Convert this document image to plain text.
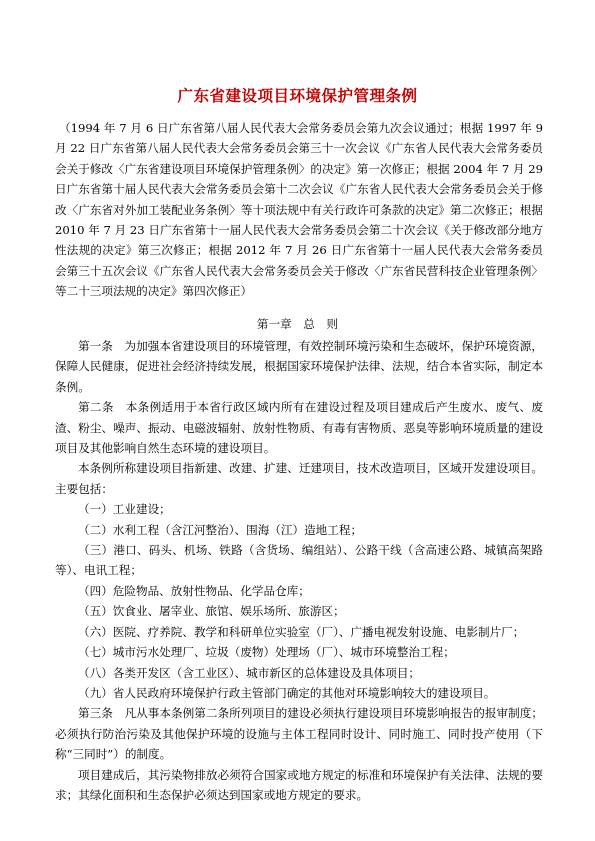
广东省建设项目环境保护管理条例
（1994 年 7 月 6 日广东省第八届人民代表大会常务委员会第九次会议通过；根据 1997 年 9 月 22 日广东省第八届人民代表大会常务委员会第三十一次会议《广东省人民代表大会常务委员会关于修改〈广东省建设项目环境保护管理条例〉的决定》第一次修正；根据 2004 年 7 月 29 日广东省第十届人民代表大会常务委员会第十二次会议《广东省人民代表大会常务委员会关于修改〈广东省对外加工装配业务条例〉等十项法规中有关行政许可条款的决定》第二次修正；根据 2010 年 7 月 23 日广东省第十一届人民代表大会常务委员会第二十次会议《关于修改部分地方性法规的决定》第三次修正；根据 2012 年 7 月 26 日广东省第十一届人民代表大会常务委员会第三十五次会议《广东省人民代表大会常务委员会关于修改〈广东省民营科技企业管理条例〉等二十三项法规的决定》第四次修正）
第一章　总　则

第一条　为加强本省建设项目的环境管理，有效控制环境污染和生态破坏，保护环境资源，保障人民健康，促进社会经济持续发展，根据国家环境保护法律、法规，结合本省实际，制定本条例。

第二条　本条例适用于本省行政区域内所有在建设过程及项目建成后产生废水、废气、废渣、粉尘、噪声、振动、电磁波辐射、放射性物质、有毒有害物质、恶臭等影响环境质量的建设项目及其他影响自然生态环境的建设项目。

本条例所称建设项目指新建、改建、扩建、迁建项目，技术改造项目，区域开发建设项目。主要包括：

（一）工业建设；

（二）水利工程（含江河整治）、围海（江）造地工程；

（三）港口、码头、机场、铁路（含货场、编组站）、公路干线（含高速公路、城镇高架路等）、电讯工程；

（四）危险物品、放射性物品、化学品仓库；

（五）饮食业、屠宰业、旅馆、娱乐场所、旅游区；

（六）医院、疗养院、教学和科研单位实验室（厂）、广播电视发射设施、电影制片厂；

（七）城市污水处理厂、垃圾（废物）处理场（厂）、城市环境整治工程；

（八）各类开发区（含工业区）、城市新区的总体建设及具体项目；

（九）省人民政府环境保护行政主管部门确定的其他对环境影响较大的建设项目。

第三条　凡从事本条例第二条所列项目的建设必须执行建设项目环境影响报告的报审制度；必须执行防治污染及其他保护环境的设施与主体工程同时设计、同时施工、同时投产使用（下称“三同时”）的制度。

项目建成后，其污染物排放必须符合国家或地方规定的标准和环境保护有关法律、法规的要求；其绿化面积和生态保护必须达到国家或地方规定的要求。
